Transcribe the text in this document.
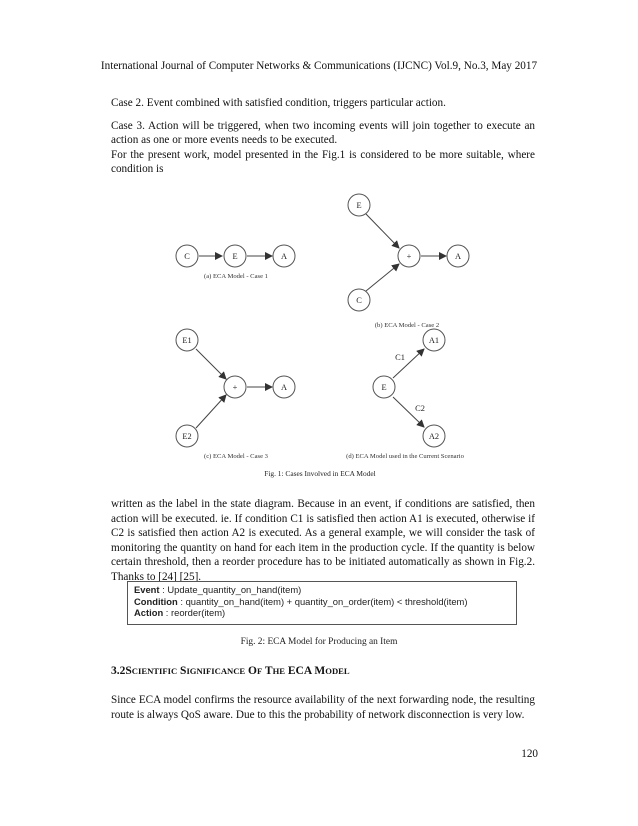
International Journal of Computer Networks & Communications (IJCNC) Vol.9, No.3, May 2017

Case 2. Event combined with satisfied condition, triggers particular action.

Case 3. Action will be triggered, when two incoming events will join together to execute an action as one or more events needs to be executed.

For the present work, model presented in the Fig.1 is considered to be more suitable, where condition is

C	E	A
E
+	A
C
E1
+	A
E2
E
A1
A2
C1
C2
(a) ECA Model - Case 1
(b) ECA Model - Case 2
(c) ECA Model - Case 3	(d) ECA Model used in the Current Scenario
Fig. 1: Cases Involved in ECA Model

written as the label in the state diagram. Because in an event, if conditions are satisfied, then action will be executed. ie. If condition C1 is satisfied then action A1 is executed, otherwise if C2 is satisfied then action A2 is executed. As a general example, we will consider the task of monitoring the quantity on hand for each item in the production cycle. If the quantity is below certain threshold, then a reorder procedure has to be initiated automatically as shown in Fig.2. Thanks to [24] [25].

Event : Update_quantity_on_hand(item)
Condition : quantity_on_hand(item) + quantity_on_order(item) < threshold(item)
Action : reorder(item)
Fig. 2: ECA Model for Producing an Item
3.2SCIENTIFIC SIGNIFICANCE OF THE ECA MODEL

Since ECA model confirms the resource availability of the next forwarding node, the resulting route is always QoS aware. Due to this the probability of network disconnection is very low.

120
